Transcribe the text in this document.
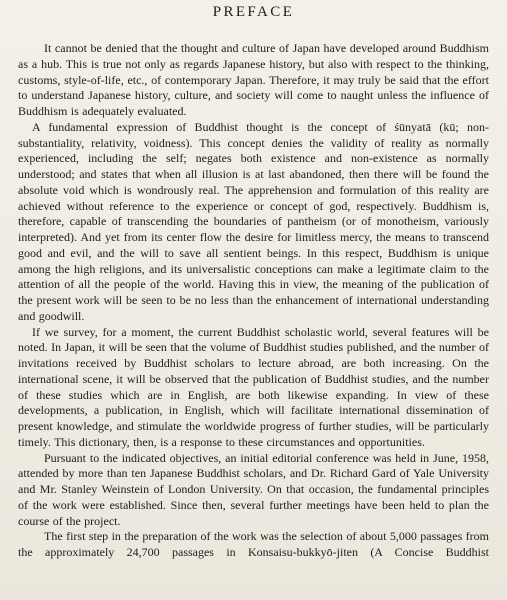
PREFACE

It cannot be denied that the thought and culture of Japan have developed around Buddhism as a hub. This is true not only as regards Japanese history, but also with respect to the thinking, customs, style-of-life, etc., of contemporary Japan. Therefore, it may truly be said that the effort to understand Japanese history, culture, and society will come to naught unless the influence of Buddhism is adequately evaluated.

A fundamental expression of Buddhist thought is the concept of śūnyatā (kū; non-substantiality, relativity, voidness). This concept denies the validity of reality as normally experienced, including the self; negates both existence and non-existence as normally understood; and states that when all illusion is at last abandoned, then there will be found the absolute void which is wondrously real. The apprehension and formulation of this reality are achieved without reference to the experience or concept of god, respectively. Buddhism is, therefore, capable of transcending the boundaries of pantheism (or of monotheism, variously interpreted). And yet from its center flow the desire for limitless mercy, the means to transcend good and evil, and the will to save all sentient beings. In this respect, Buddhism is unique among the high religions, and its universalistic conceptions can make a legitimate claim to the attention of all the people of the world. Having this in view, the meaning of the publication of the present work will be seen to be no less than the enhancement of international understanding and goodwill.

If we survey, for a moment, the current Buddhist scholastic world, several features will be noted. In Japan, it will be seen that the volume of Buddhist studies published, and the number of invitations received by Buddhist scholars to lecture abroad, are both increasing. On the international scene, it will be observed that the publication of Buddhist studies, and the number of these studies which are in English, are both likewise expanding. In view of these developments, a publication, in English, which will facilitate international dissemination of present knowledge, and stimulate the worldwide progress of further studies, will be particularly timely. This dictionary, then, is a response to these circumstances and opportunities.

Pursuant to the indicated objectives, an initial editorial conference was held in June, 1958, attended by more than ten Japanese Buddhist scholars, and Dr. Richard Gard of Yale University and Mr. Stanley Weinstein of London University. On that occasion, the fundamental principles of the work were established. Since then, several further meetings have been held to plan the course of the project.

The first step in the preparation of the work was the selection of about 5,000 passages from the approximately 24,700 passages in Konsaisu-bukkyō-jiten (A Concise Buddhist
